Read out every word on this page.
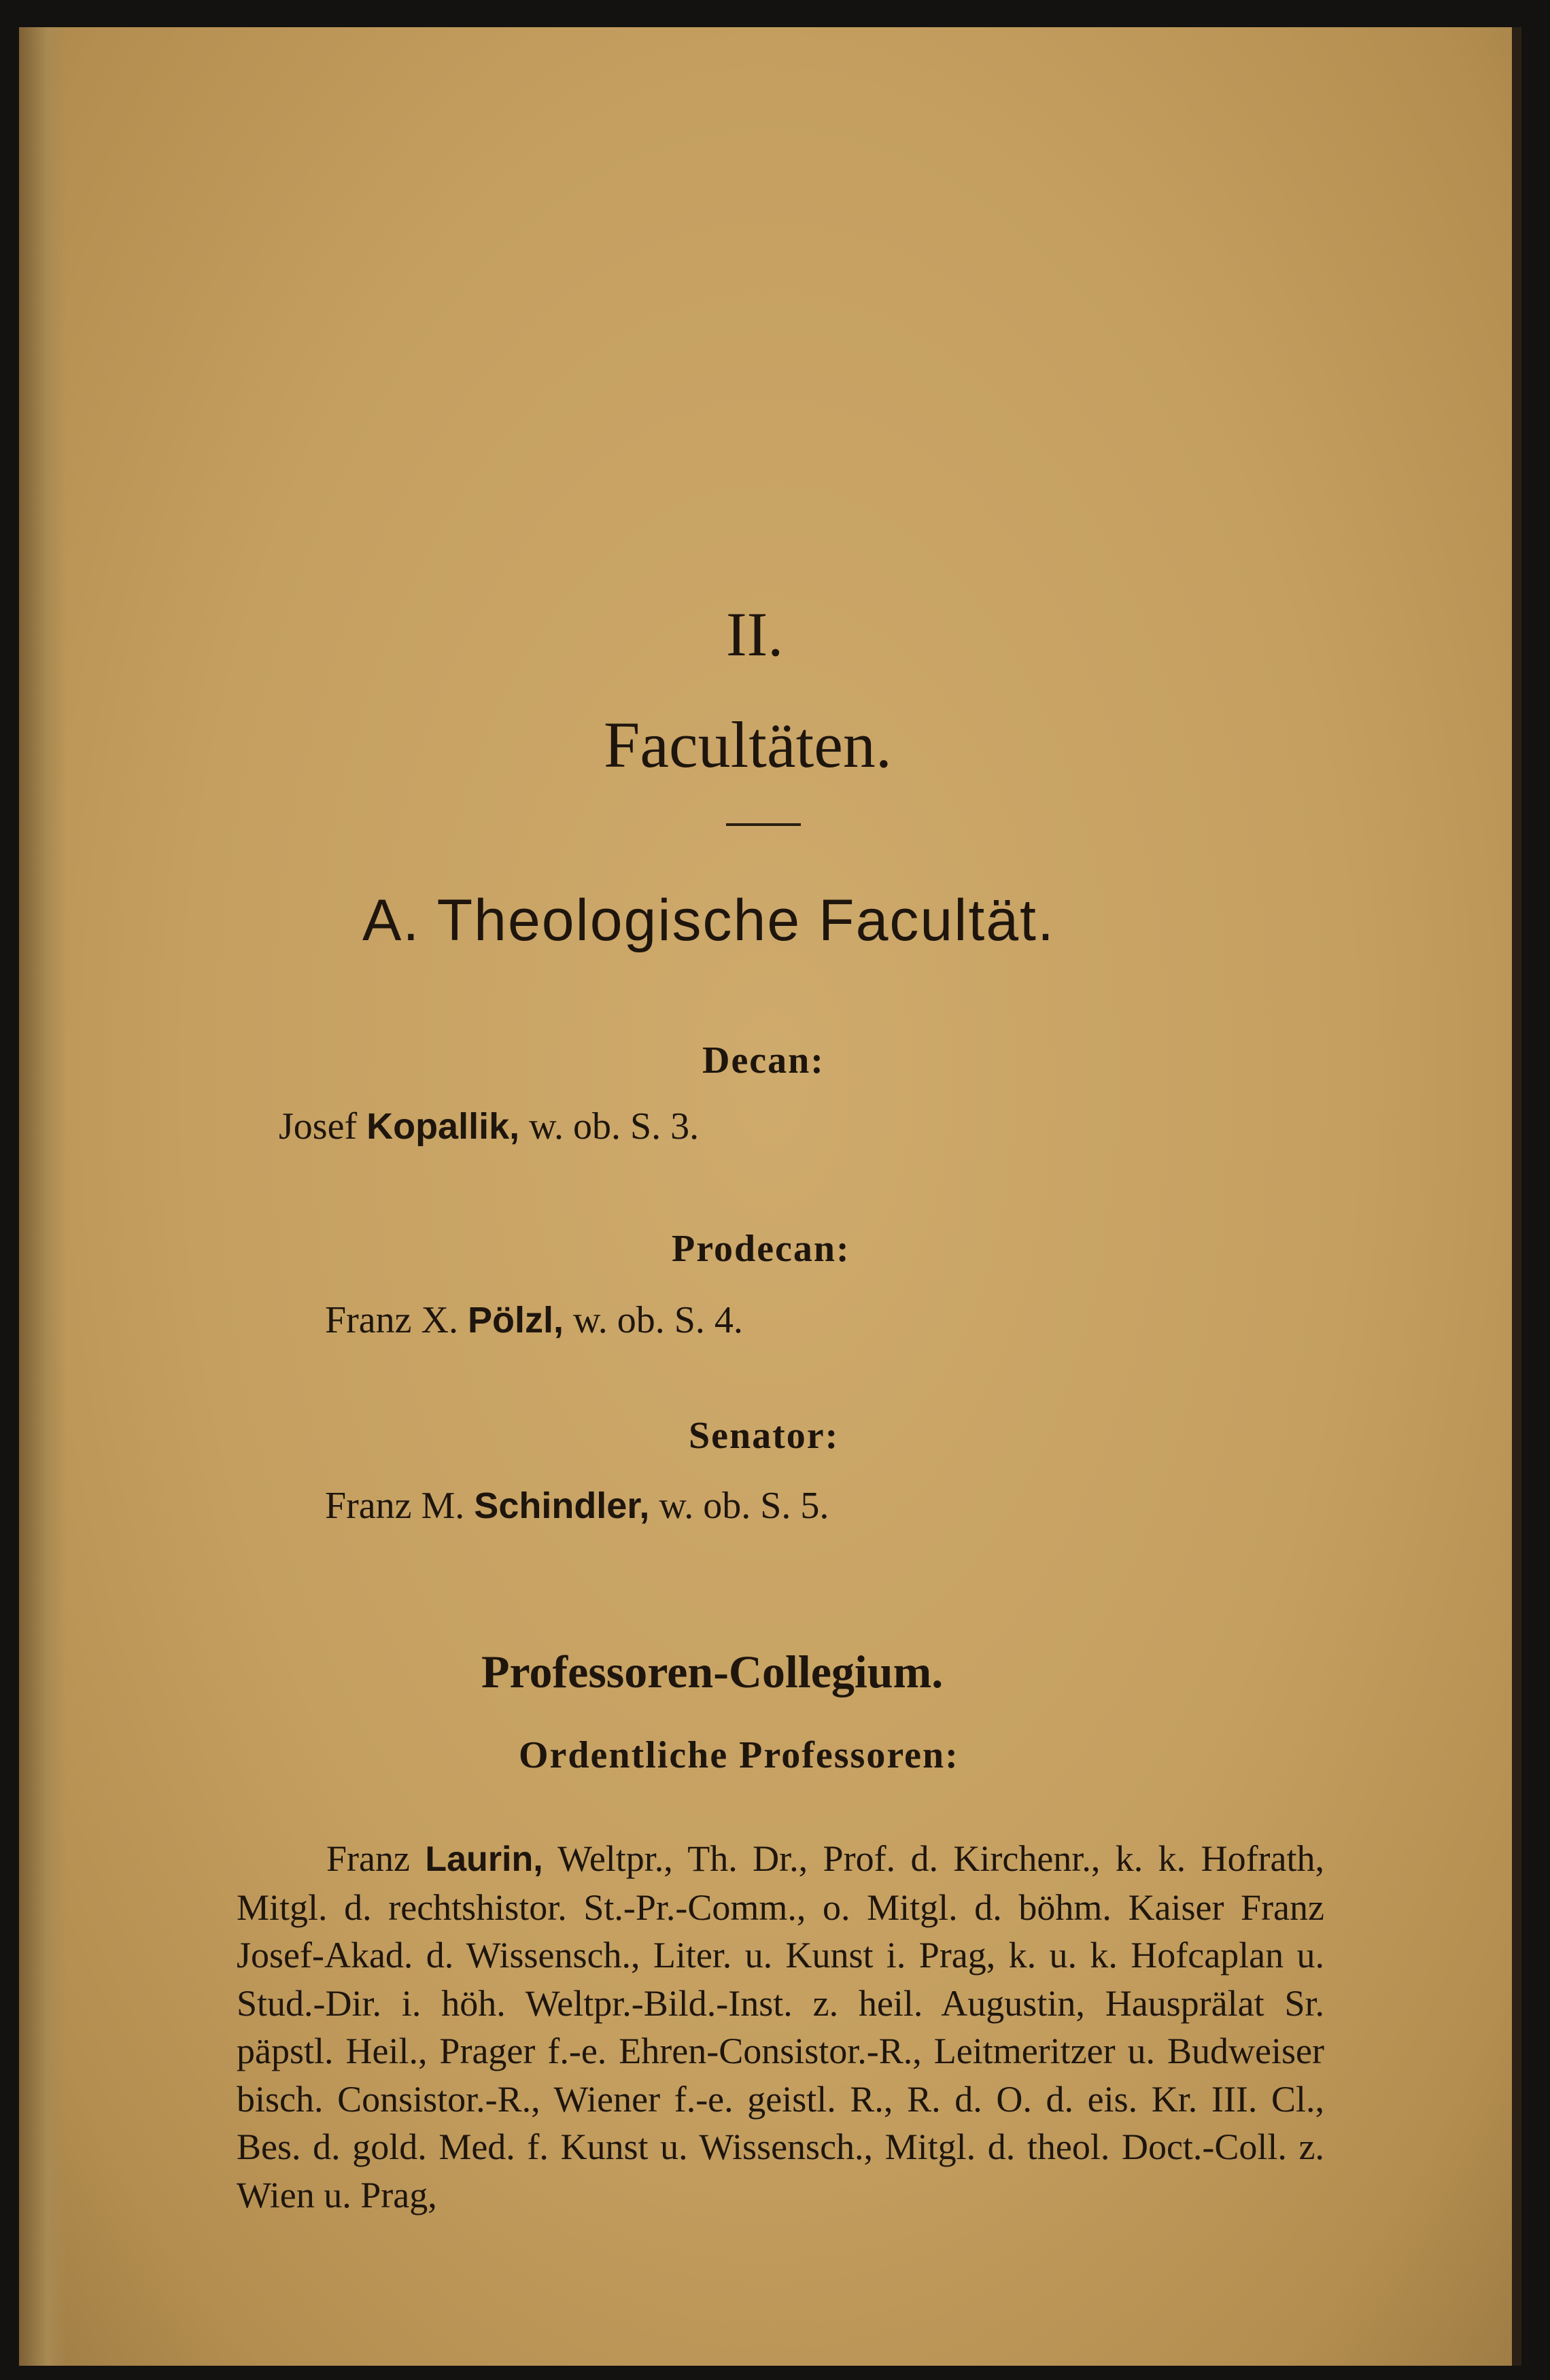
II.

Facultäten.

A. Theologische Facultät.

Decan:

Josef Kopallik, w. ob. S. 3.

Prodecan:

Franz X. Pölzl, w. ob. S. 4.

Senator:

Franz M. Schindler, w. ob. S. 5.

Professoren-Collegium.

Ordentliche Professoren:

Franz Laurin, Weltpr., Th. Dr., Prof. d. Kirchenr., k. k. Hofrath, Mitgl. d. rechtshistor. St.-Pr.-Comm., o. Mitgl. d. böhm. Kaiser Franz Josef-Akad. d. Wissensch., Liter. u. Kunst i. Prag, k. u. k. Hofcaplan u. Stud.-Dir. i. höh. Weltpr.-Bild.-Inst. z. heil. Augustin, Hausprälat Sr. päpstl. Heil., Prager f.-e. Ehren-Consistor.-R., Leitmeritzer u. Budweiser bisch. Consistor.-R., Wiener f.-e. geistl. R., R. d. O. d. eis. Kr. III. Cl., Bes. d. gold. Med. f. Kunst u. Wissensch., Mitgl. d. theol. Doct.-Coll. z. Wien u. Prag,
